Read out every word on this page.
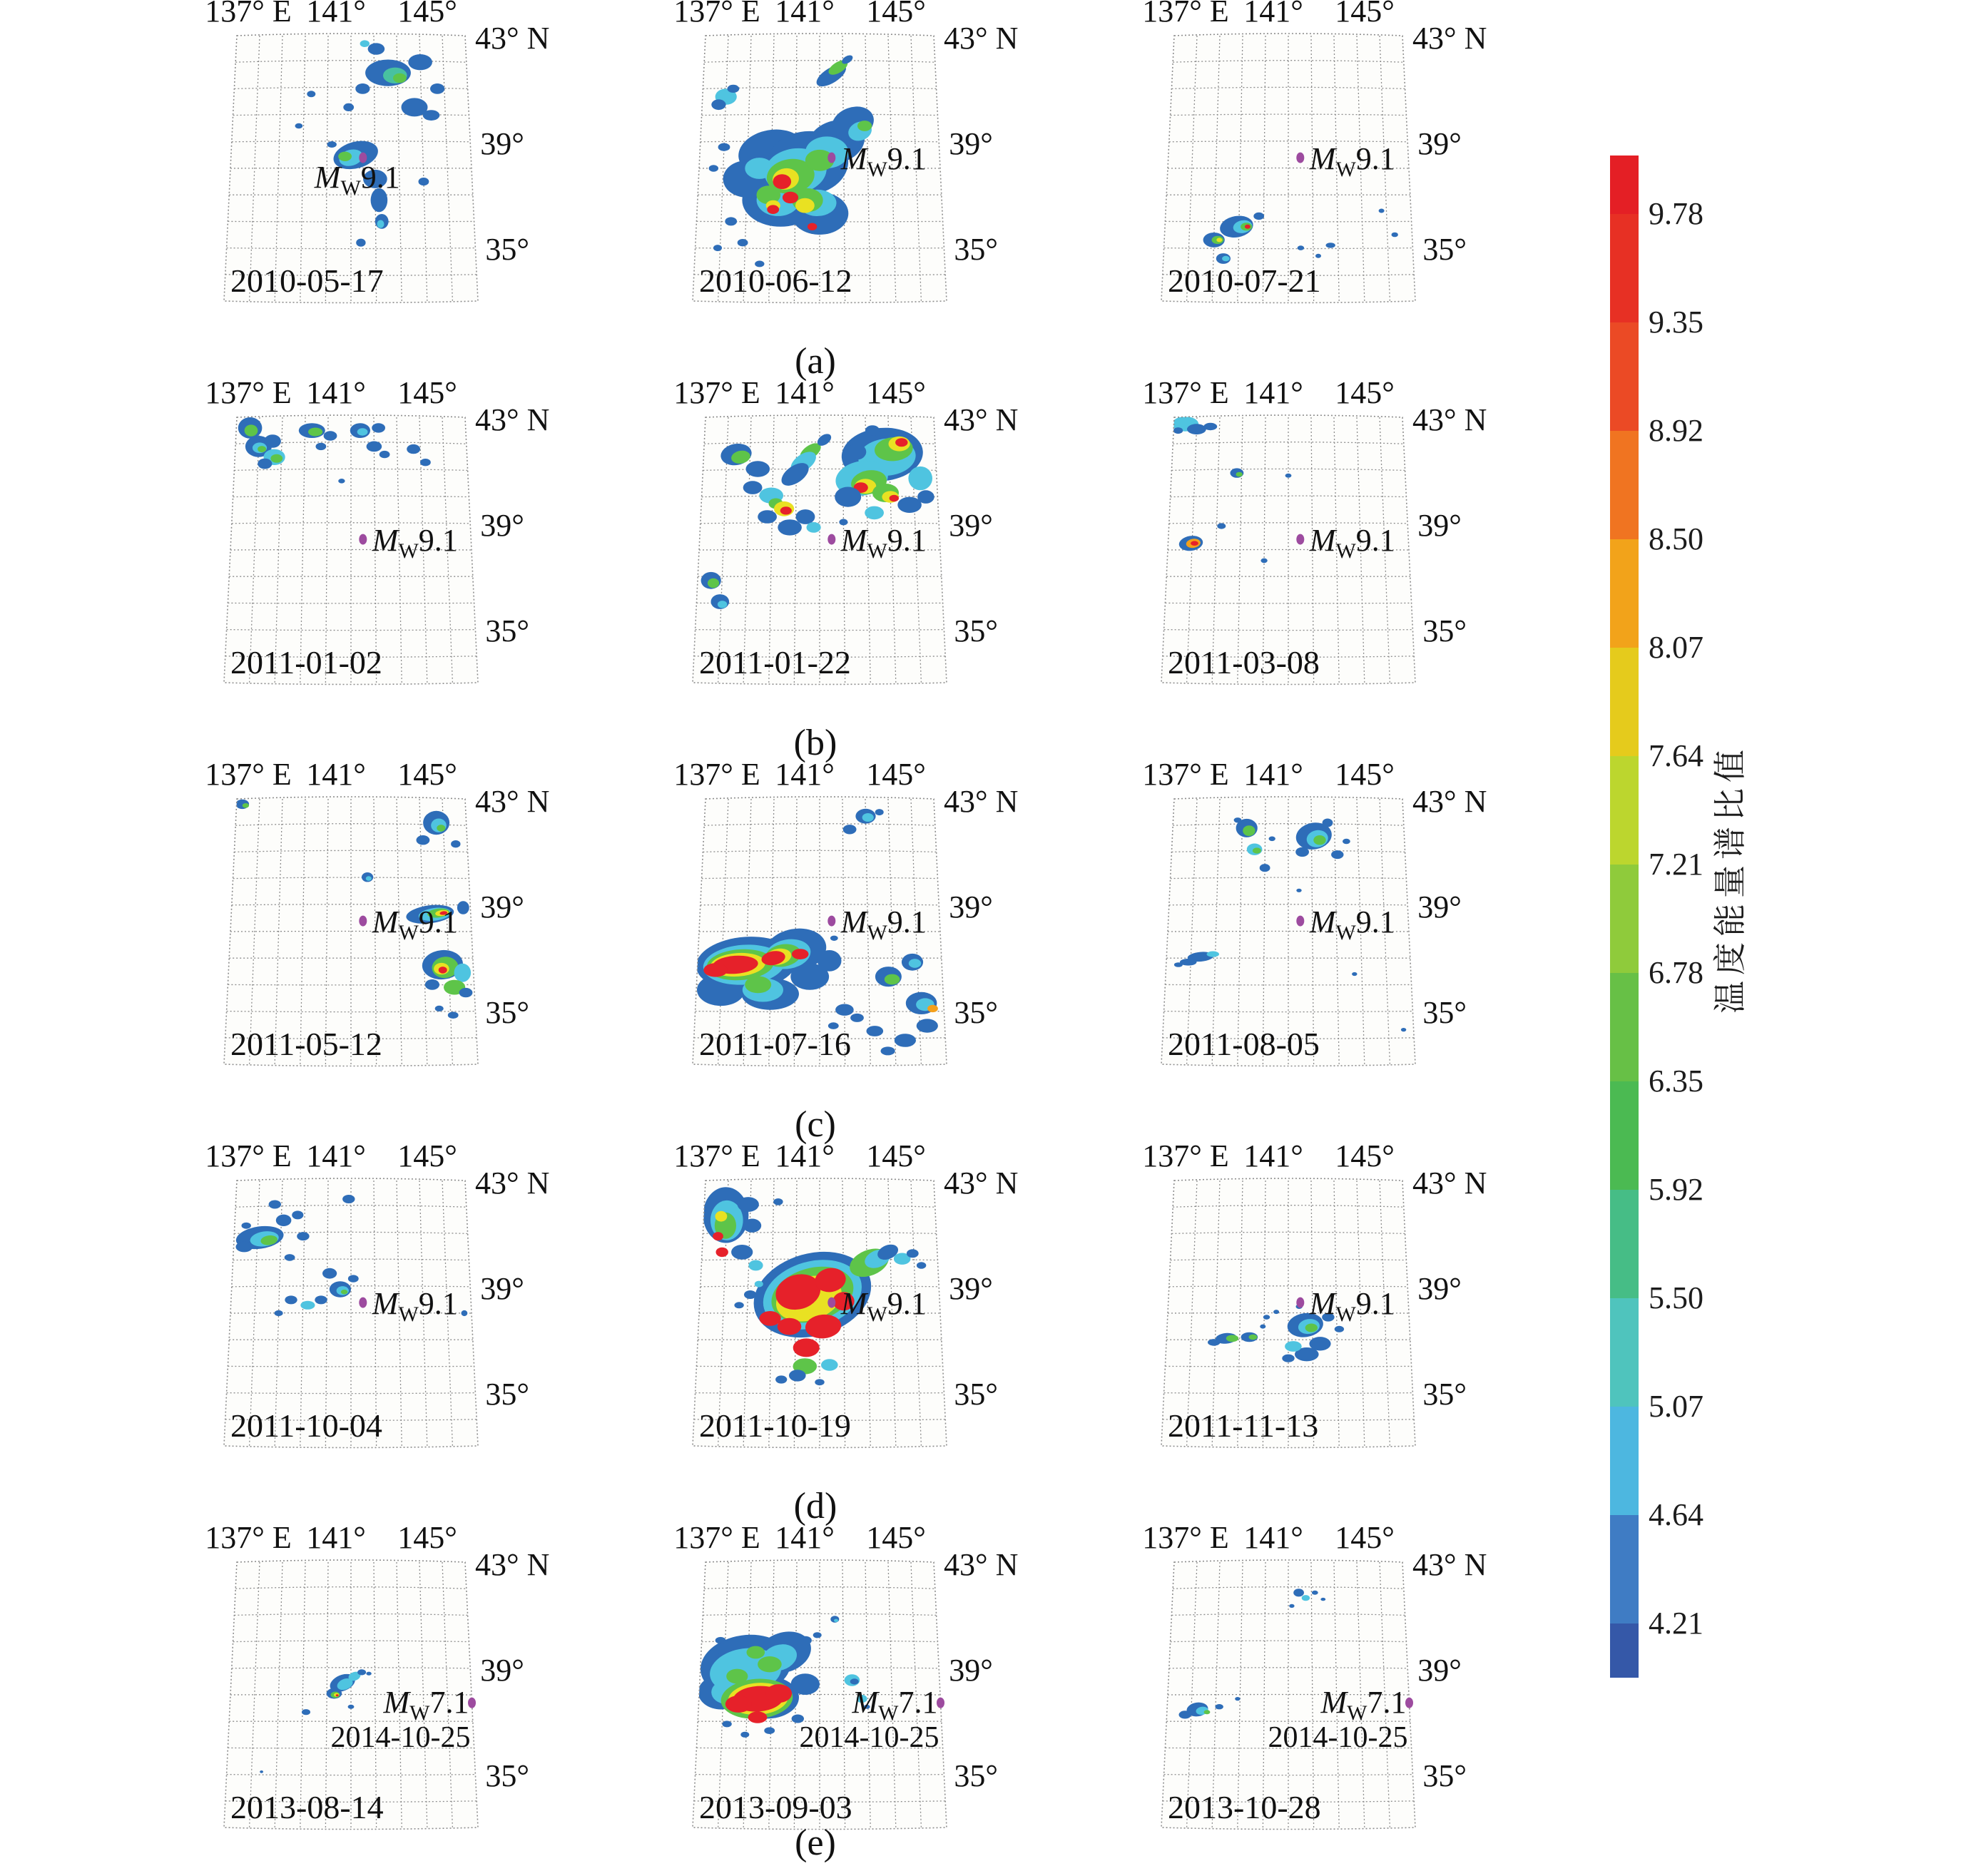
137° E 141° 145°
43° N
39°
35°
$M_W9.1$
2010-05-17
137° E 141° 145°
43° N
39°
35°
$M_W9.1$
2010-06-12
(a)
137° E 141° 145°
43° N
39°
35°
$M_W9.1$
2010-07-21
137° E 141° 145°
43° N
39°
35°
$M_W9.1$
2011-01-02
137° E 141° 145°
43° N
39°
35°
$M_W9.1$
2011-01-22
(b)
137° E 141° 145°
43° N
39°
35°
$M_W9.1$
2011-03-08
137° E 141° 145°
43° N
39°
35°
$M_W9.1$
2011-05-12
137° E 141° 145°
43° N
39°
35°
$M_W9.1$
2011-07-16
(c)
137° E 141° 145°
43° N
39°
35°
$M_W9.1$
2011-08-05
137° E 141° 145°
43° N
39°
35°
$M_W9.1$
2011-10-04
137° E 141° 145°
43° N
39°
35°
$M_W9.1$
2011-10-19
(d)
137° E 141° 145°
43° N
39°
35°
$M_W9.1$
2011-11-13
137° E 141° 145°
43° N
39°
35°
$M_W7.1$
2014-10-25
2013-08-14
137° E 141° 145°
43° N
39°
35°
$M_W7.1$
2014-10-25
2013-09-03
(e)
137° E 141° 145°
43° N
39°
35°
$M_W7.1$
2014-10-25
2013-10-28
9.78
9.35
8.92
8.50
8.07
7.64
7.21
6.78
6.35
5.92
5.50
5.07
4.64
4.21
温度能量谱比值
